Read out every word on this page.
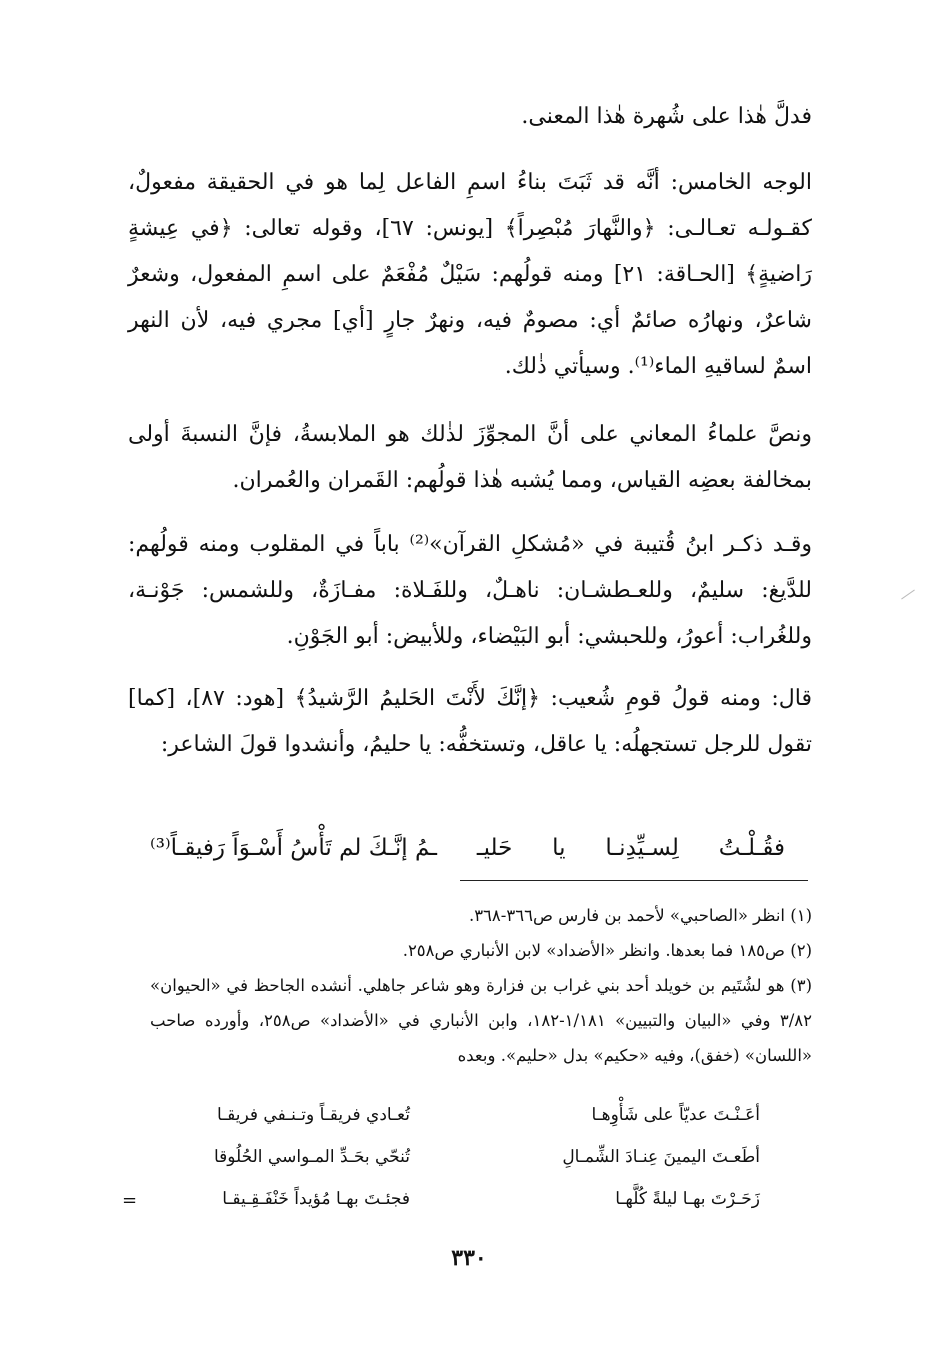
فدلَّ هٰذا على شُهرة هٰذا المعنى.

الوجه الخامس: أنَّه قد ثَبَتَ بناءُ اسمِ الفاعل لِما هو في الحقيقة مفعولٌ، كقـولـه تعـالـى: ﴿والنَّهارَ مُبْصِراً﴾ [يونس: ٦٧]، وقوله تعالى: ﴿في عِيشةٍ رَاضيةٍ﴾ [الحـاقة: ٢١] ومنه قولُهم: سَيْلٌ مُفْعَمٌ على اسمِ المفعول، وشعرٌ شاعرٌ، ونهارُه صائمٌ أي: مصومٌ فيه، ونهرٌ جارٍ [أي] مجري فيه، لأن النهر اسمٌ لساقيهِ الماء⁽¹⁾. وسيأتي ذٰلك.

ونصَّ علماءُ المعاني على أنَّ المجوِّزَ لذٰلك هو الملابسةُ، فإنَّ النسبةَ أولى بمخالفة بعضِه القياس، ومما يُشبه هٰذا قولُهم: القَمران والعُمران.

وقـد ذكـر ابنُ قُتيبة في «مُشكلِ القرآن»⁽²⁾ باباً في المقلوب ومنه قولُهم: للدَّيغ: سليمٌ، وللعـطشـان: ناهـلٌ، وللفَـلاة: مفـازَةٌ، وللشمس: جَوْنـة، وللغُراب: أعورُ، وللحبشي: أبو البَيْضاء، وللأبيض: أبو الجَوْنِ.

قال: ومنه قولُ قومِ شُعيب: ﴿إنَّكَ لأَنْتَ الحَليمُ الرَّشيدُ﴾ [هود: ٨٧]، [كما] تقول للرجل تستجهلُه: يا عاقل، وتستخفُّه: يا حليمُ، وأنشدوا قولَ الشاعر:

فقُـلْـتُ
لِسـيِّدِنـا
يا
حَليـ
ـمُ إنَّـكَ لم تَأْسُ أَسْـوَاً رَفيقـاً⁽³⁾

(١) انظر «الصاحبي» لأحمد بن فارس ص٣٦٦-٣٦٨.

(٢) ص١٨٥ فما بعدها. وانظر «الأضداد» لابن الأنباري ص٢٥٨.

(٣) هو لشُتَيم بن خويلد أحد بني غراب بن فزارة وهو شاعر جاهلي. أنشده الجاحظ في «الحيوان» ٣/٨٢ وفي «البيان والتبيين» ١/١٨١-١٨٢، وابن الأنباري في «الأضداد» ص٢٥٨، وأورده صاحب «اللسان» (خفق)، وفيه «حكيم» بدل «حليم». وبعده

أعَـنْـتَ عديّاً على شَأْوِهـا
تُعـادي فريقـاً وتـنـفي فريقـا
أطَعـتَ اليمينَ عِنـادَ الشِّمـالِ
تُنحّي بحَـدِّ المـواسي الحُلُوقا
زَحَـرْتَ بهـا ليلةً كُلَّهـا
فجئـتَ بهـا مُؤيداً خَنْفَـقِـيقـا
=
٣٣٠
